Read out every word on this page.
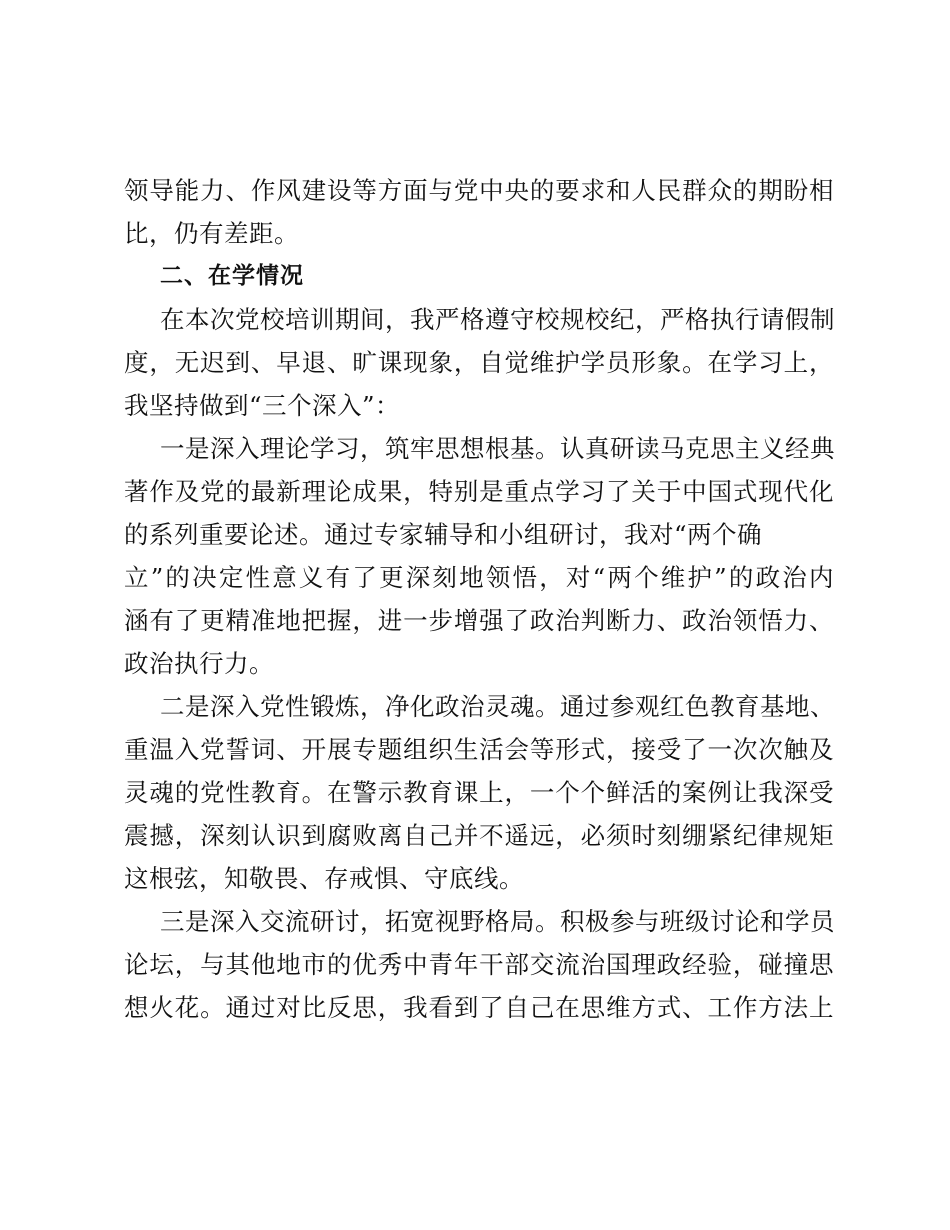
领导能力、作风建设等方面与党中央的要求和人民群众的期盼相
比，仍有差距。
二、在学情况
在本次党校培训期间，我严格遵守校规校纪，严格执行请假制
度，无迟到、早退、旷课现象，自觉维护学员形象。在学习上，
我坚持做到“三个深入”：
一是深入理论学习，筑牢思想根基。认真研读马克思主义经典
著作及党的最新理论成果，特别是重点学习了关于中国式现代化
的系列重要论述。通过专家辅导和小组研讨，我对“两个确
立”的决定性意义有了更深刻地领悟，对“两个维护”的政治内
涵有了更精准地把握，进一步增强了政治判断力、政治领悟力、
政治执行力。
二是深入党性锻炼，净化政治灵魂。通过参观红色教育基地、
重温入党誓词、开展专题组织生活会等形式，接受了一次次触及
灵魂的党性教育。在警示教育课上，一个个鲜活的案例让我深受
震撼，深刻认识到腐败离自己并不遥远，必须时刻绷紧纪律规矩
这根弦，知敬畏、存戒惧、守底线。
三是深入交流研讨，拓宽视野格局。积极参与班级讨论和学员
论坛，与其他地市的优秀中青年干部交流治国理政经验，碰撞思
想火花。通过对比反思，我看到了自己在思维方式、工作方法上
